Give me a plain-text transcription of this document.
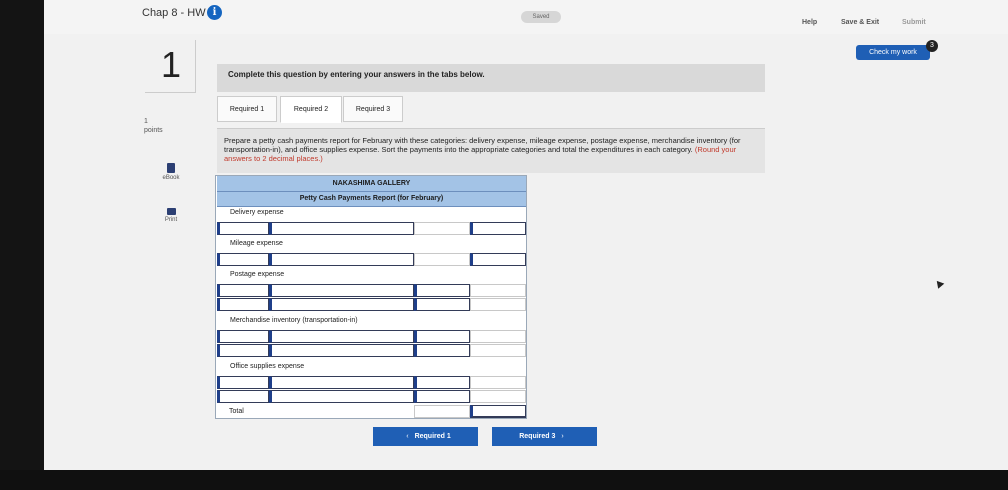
Chap 8 - HW i	Saved
Help	Save & Exit	Submit
Check my work
3
1
1
points
eBook
Print
Complete this question by entering your answers in the tabs below.
Required 1	Required 2	Required 3
Prepare a petty cash payments report for February with these categories: delivery expense, mileage expense, postage expense, merchandise inventory (for transportation-in), and office supplies expense. Sort the payments into the appropriate categories and total the expenditures in each category. (Round your answers to 2 decimal places.)
NAKASHIMA GALLERY
Petty Cash Payments Report (for February)
Delivery expense
Mileage expense
Postage expense
Merchandise inventory (transportation-in)
Office supplies expense
Total
‹ Required 1	Required 3 ›
